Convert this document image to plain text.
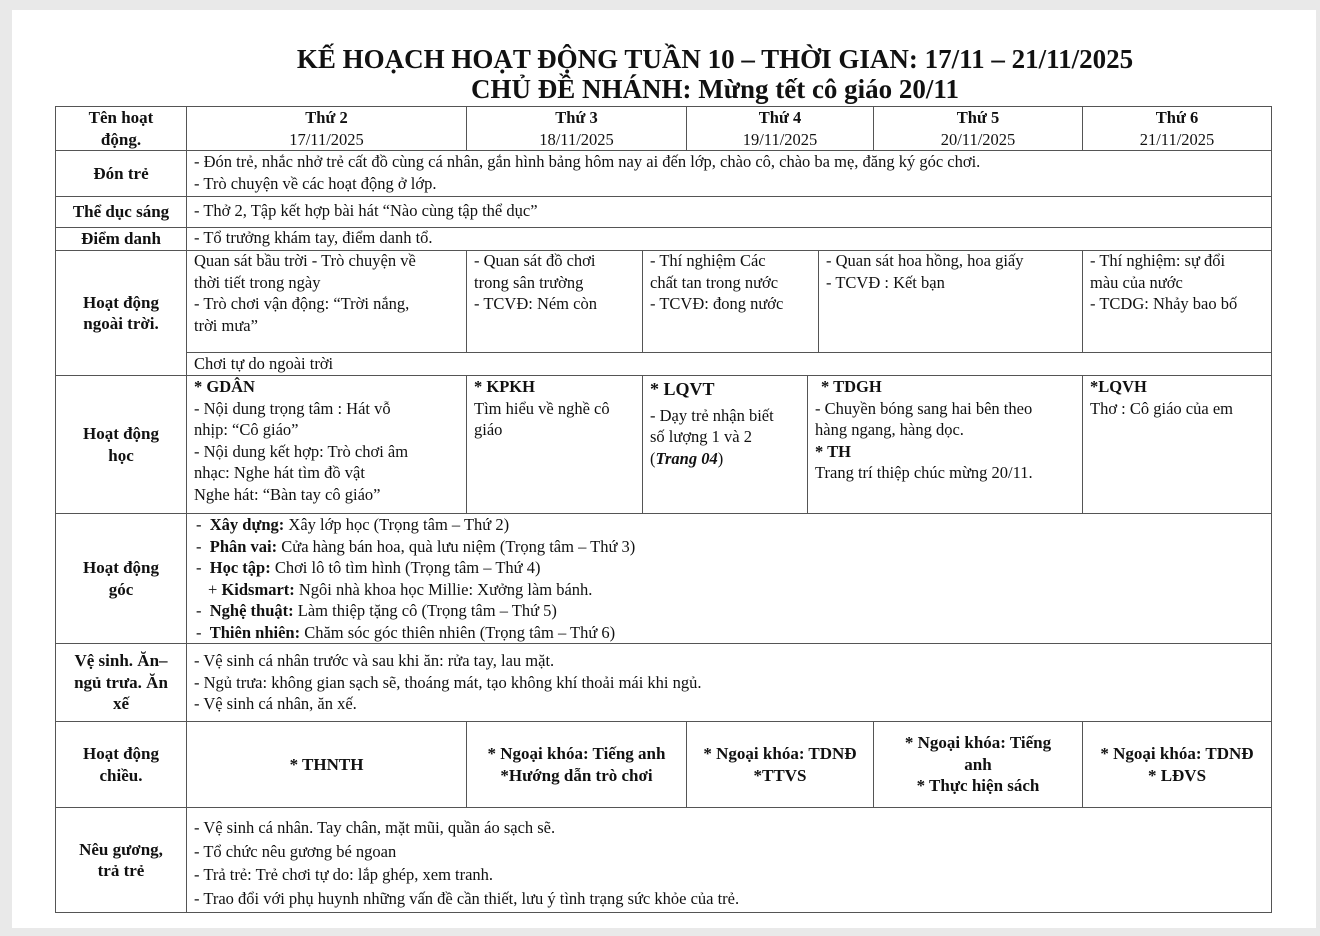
KẾ HOẠCH HOẠT ĐỘNG TUẦN 10 – THỜI GIAN: 17/11 – 21/11/2025
CHỦ ĐỀ NHÁNH: Mừng tết cô giáo 20/11
Tên hoạt động.
Thứ 2
17/11/2025
Thứ 3
18/11/2025
Thứ 4
19/11/2025
Thứ 5
20/11/2025
Thứ 6
21/11/2025
Đón trẻ
- Đón trẻ, nhắc nhở trẻ cất đồ cùng cá nhân, gắn hình bảng hôm nay ai đến lớp, chào cô, chào ba mẹ, đăng ký góc chơi.
- Trò chuyện về các hoạt động ở lớp.
Thể dục sáng	- Thở 2, Tập kết hợp bài hát “Nào cùng tập thể dục”
Điểm danh	- Tổ trưởng khám tay, điểm danh tổ.
Hoạt động ngoài trời.
Quan sát bầu trời - Trò chuyện về
thời tiết trong ngày
- Trò chơi vận động: “Trời nắng,
trời mưa”
- Quan sát đồ chơi
trong sân trường
- TCVĐ: Ném còn
- Thí nghiệm Các
chất tan trong nước
- TCVĐ: đong nước
- Quan sát hoa hồng, hoa giấy
- TCVĐ : Kết bạn
- Thí nghiệm: sự đổi
màu của nước
- TCDG: Nhảy bao bố
Chơi tự do ngoài trời
Hoạt động học
* GDÂN
- Nội dung trọng tâm : Hát vỗ
nhịp: “Cô giáo”
- Nội dung kết hợp: Trò chơi âm
nhạc: Nghe hát tìm đồ vật
Nghe hát: “Bàn tay cô giáo”
* KPKH
Tìm hiểu về nghề cô
giáo
* LQVT
- Dạy trẻ nhận biết
số lượng 1 và 2
(Trang 04)
* TDGH
- Chuyền bóng sang hai bên theo
hàng ngang, hàng dọc.
* TH
Trang trí thiệp chúc mừng 20/11.
*LQVH
Thơ : Cô giáo của em
Hoạt động góc
- Xây dựng: Xây lớp học (Trọng tâm – Thứ 2)
- Phân vai: Cửa hàng bán hoa, quà lưu niệm (Trọng tâm – Thứ 3)
- Học tập: Chơi lô tô tìm hình (Trọng tâm – Thứ 4)
+ Kidsmart: Ngôi nhà khoa học Millie: Xưởng làm bánh.
- Nghệ thuật: Làm thiệp tặng cô (Trọng tâm – Thứ 5)
- Thiên nhiên: Chăm sóc góc thiên nhiên (Trọng tâm – Thứ 6)
Vệ sinh. Ăn–
ngủ trưa. Ăn
xế
- Vệ sinh cá nhân trước và sau khi ăn: rửa tay, lau mặt.
- Ngủ trưa: không gian sạch sẽ, thoáng mát, tạo không khí thoải mái khi ngủ.
- Vệ sinh cá nhân, ăn xế.
Hoạt động chiều.
* THNTH
* Ngoại khóa: Tiếng anh
*Hướng dẫn trò chơi
* Ngoại khóa: TDNĐ
*TTVS
* Ngoại khóa: Tiếng
anh
* Thực hiện sách
* Ngoại khóa: TDNĐ
* LĐVS
Nêu gương, trả trẻ
- Vệ sinh cá nhân. Tay chân, mặt mũi, quần áo sạch sẽ.
- Tổ chức nêu gương bé ngoan
- Trả trẻ: Trẻ chơi tự do: lắp ghép, xem tranh.
- Trao đổi với phụ huynh những vấn đề cần thiết, lưu ý tình trạng sức khỏe của trẻ.
